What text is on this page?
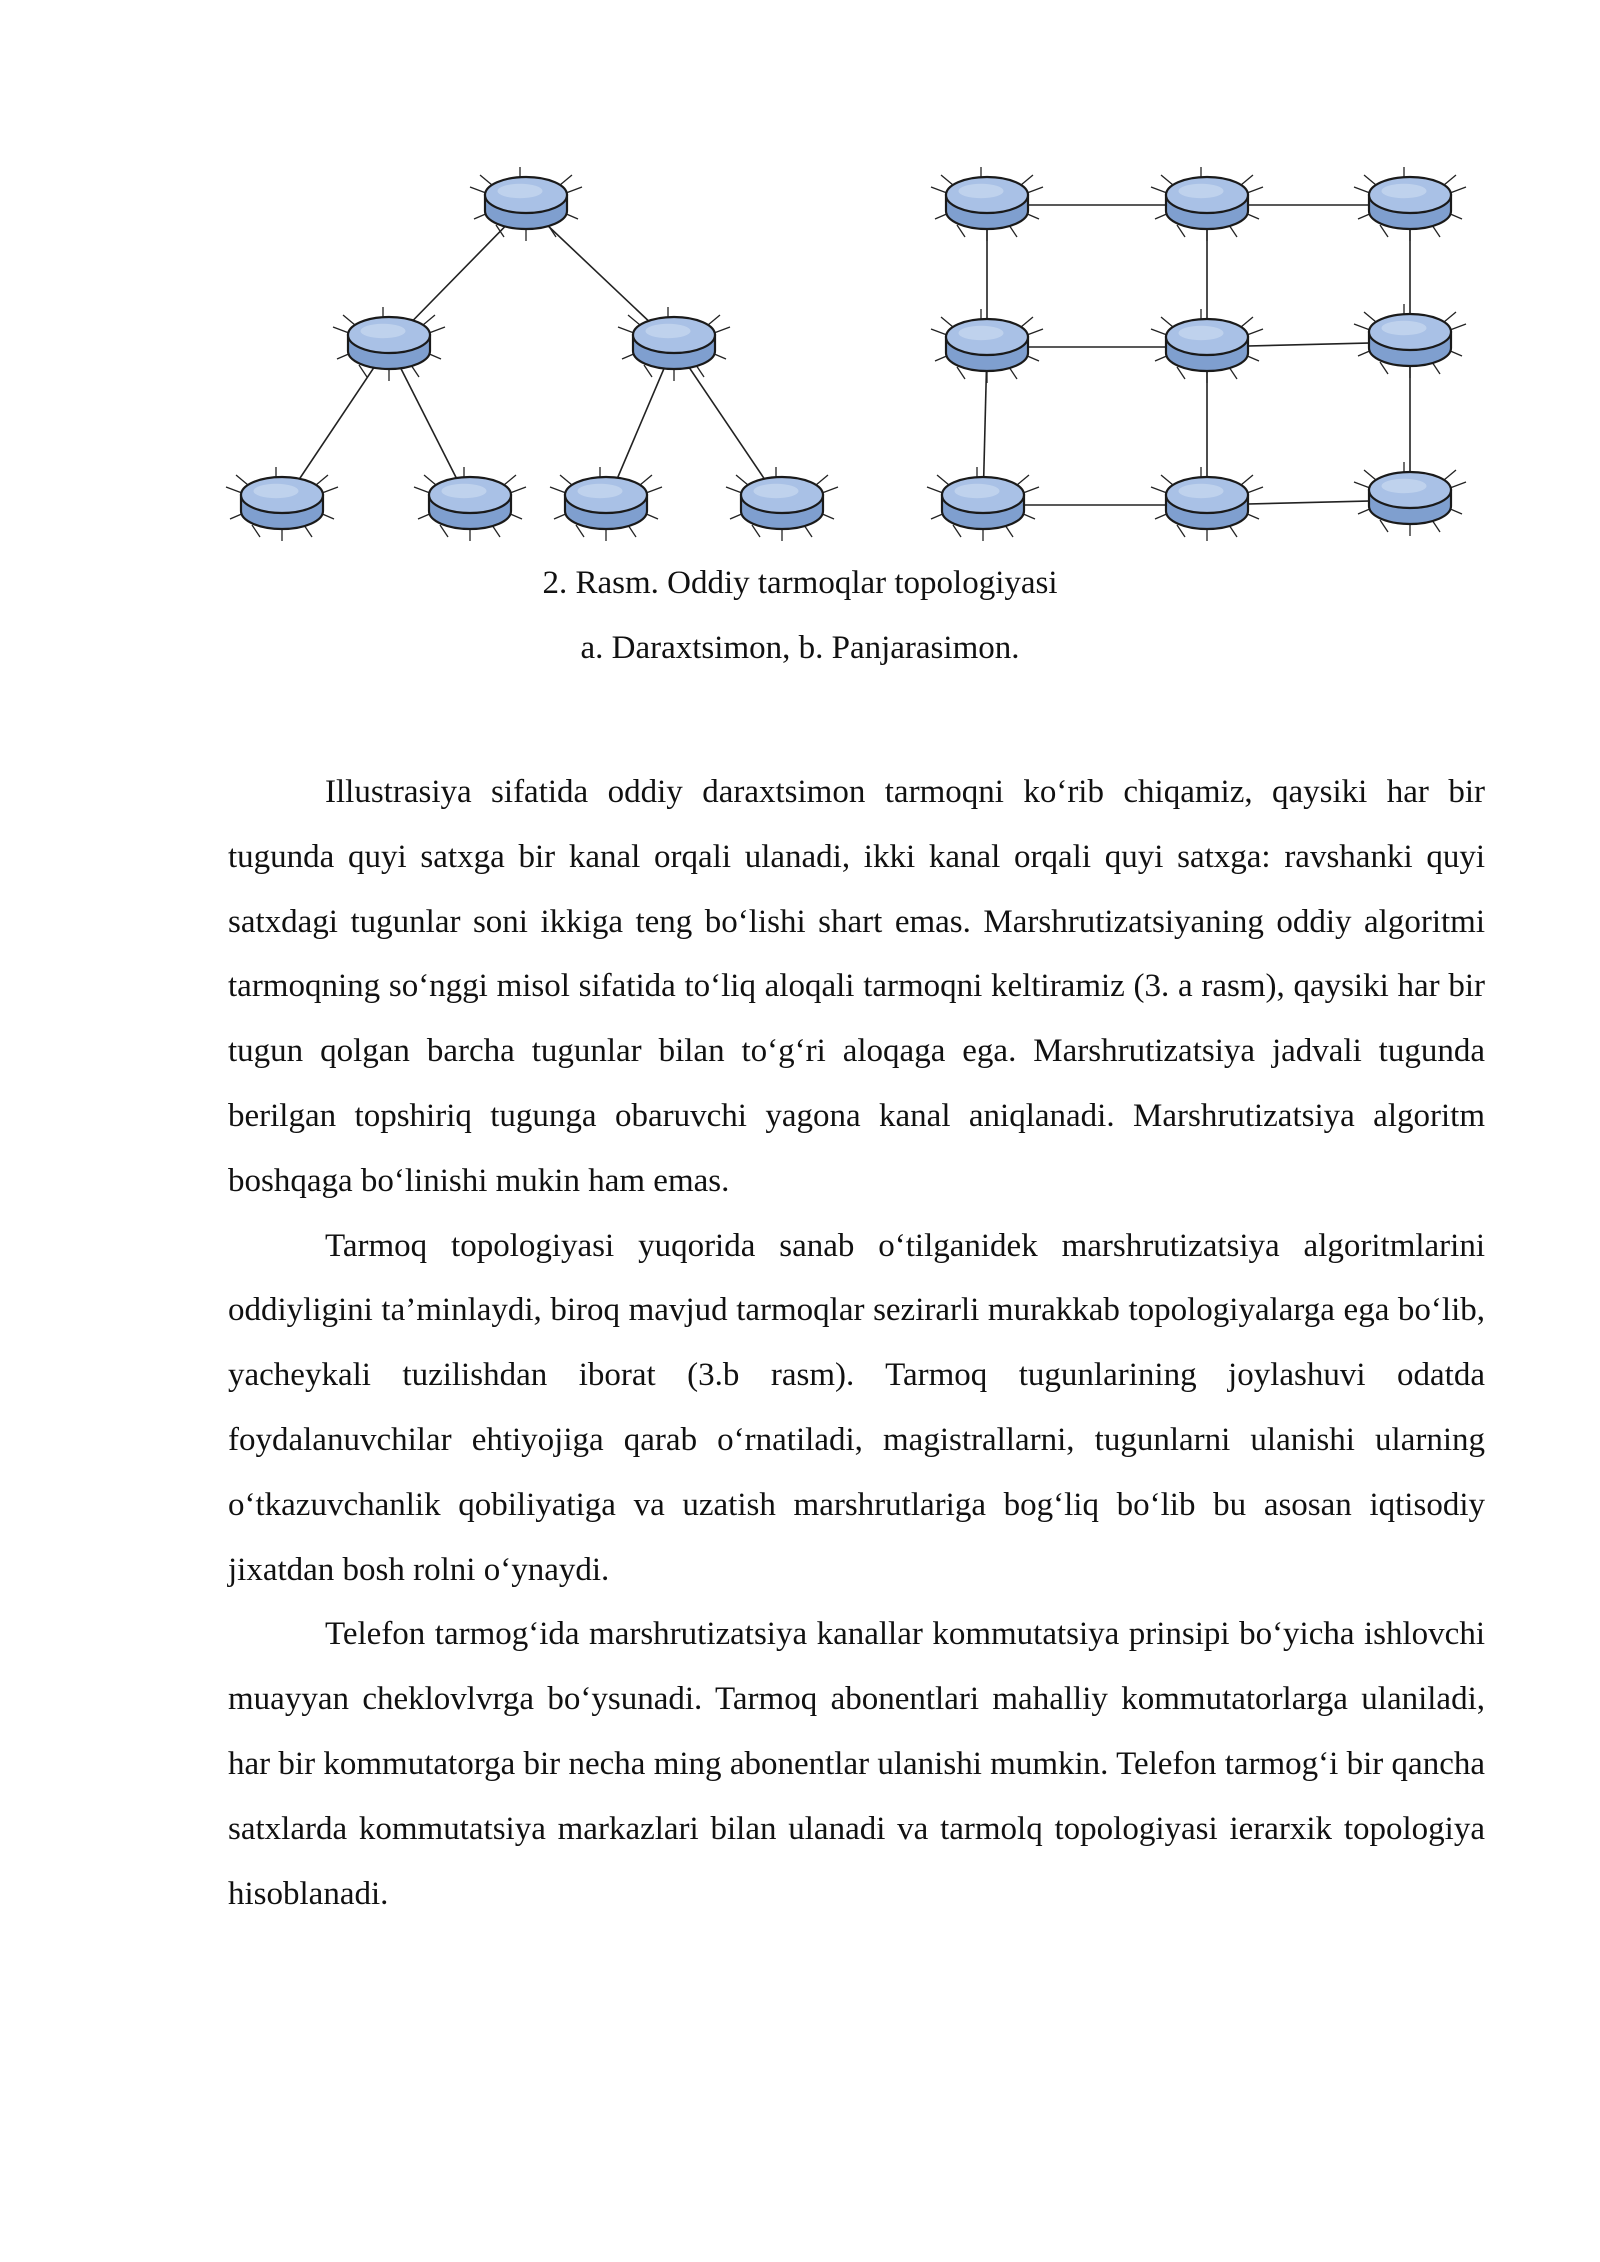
2. Rasm. Oddiy tarmoqlar topologiyasi

a. Daraxtsimon, b. Panjarasimon.

Illustrasiya sifatida oddiy daraxtsimon tarmoqni ko‘rib chiqamiz, qaysiki har bir tugunda quyi satxga bir kanal orqali ulanadi, ikki kanal orqali quyi satxga: ravshanki quyi satxdagi tugunlar soni ikkiga teng bo‘lishi shart emas. Marshrutizatsiyaning oddiy algoritmi tarmoqning so‘nggi misol sifatida to‘liq aloqali tarmoqni keltiramiz (3. a rasm), qaysiki har bir tugun qolgan barcha tugunlar bilan to‘g‘ri aloqaga ega. Marshrutizatsiya jadvali tugunda berilgan topshiriq tugunga obaruvchi yagona kanal aniqlanadi. Marshrutizatsiya algoritm boshqaga bo‘linishi mukin ham emas.

Tarmoq topologiyasi yuqorida sanab o‘tilganidek marshrutizatsiya algoritmlarini oddiyligini ta’minlaydi, biroq mavjud tarmoqlar sezirarli murakkab topologiyalarga ega bo‘lib, yacheykali tuzilishdan iborat (3.b rasm). Tarmoq tugunlarining joylashuvi odatda foydalanuvchilar ehtiyojiga qarab o‘rnatiladi, magistrallarni, tugunlarni ulanishi ularning o‘tkazuvchanlik qobiliyatiga va uzatish marshrutlariga bog‘liq bo‘lib bu asosan iqtisodiy jixatdan bosh rolni o‘ynaydi.

Telefon tarmog‘ida marshrutizatsiya kanallar kommutatsiya prinsipi bo‘yicha ishlovchi muayyan cheklovlvrga bo‘ysunadi. Tarmoq abonentlari mahalliy kommutatorlarga ulaniladi, har bir kommutatorga bir necha ming abonentlar ulanishi mumkin. Telefon tarmog‘i bir qancha satxlarda kommutatsiya markazlari bilan ulanadi va tarmolq topologiyasi ierarxik topologiya hisoblanadi.
